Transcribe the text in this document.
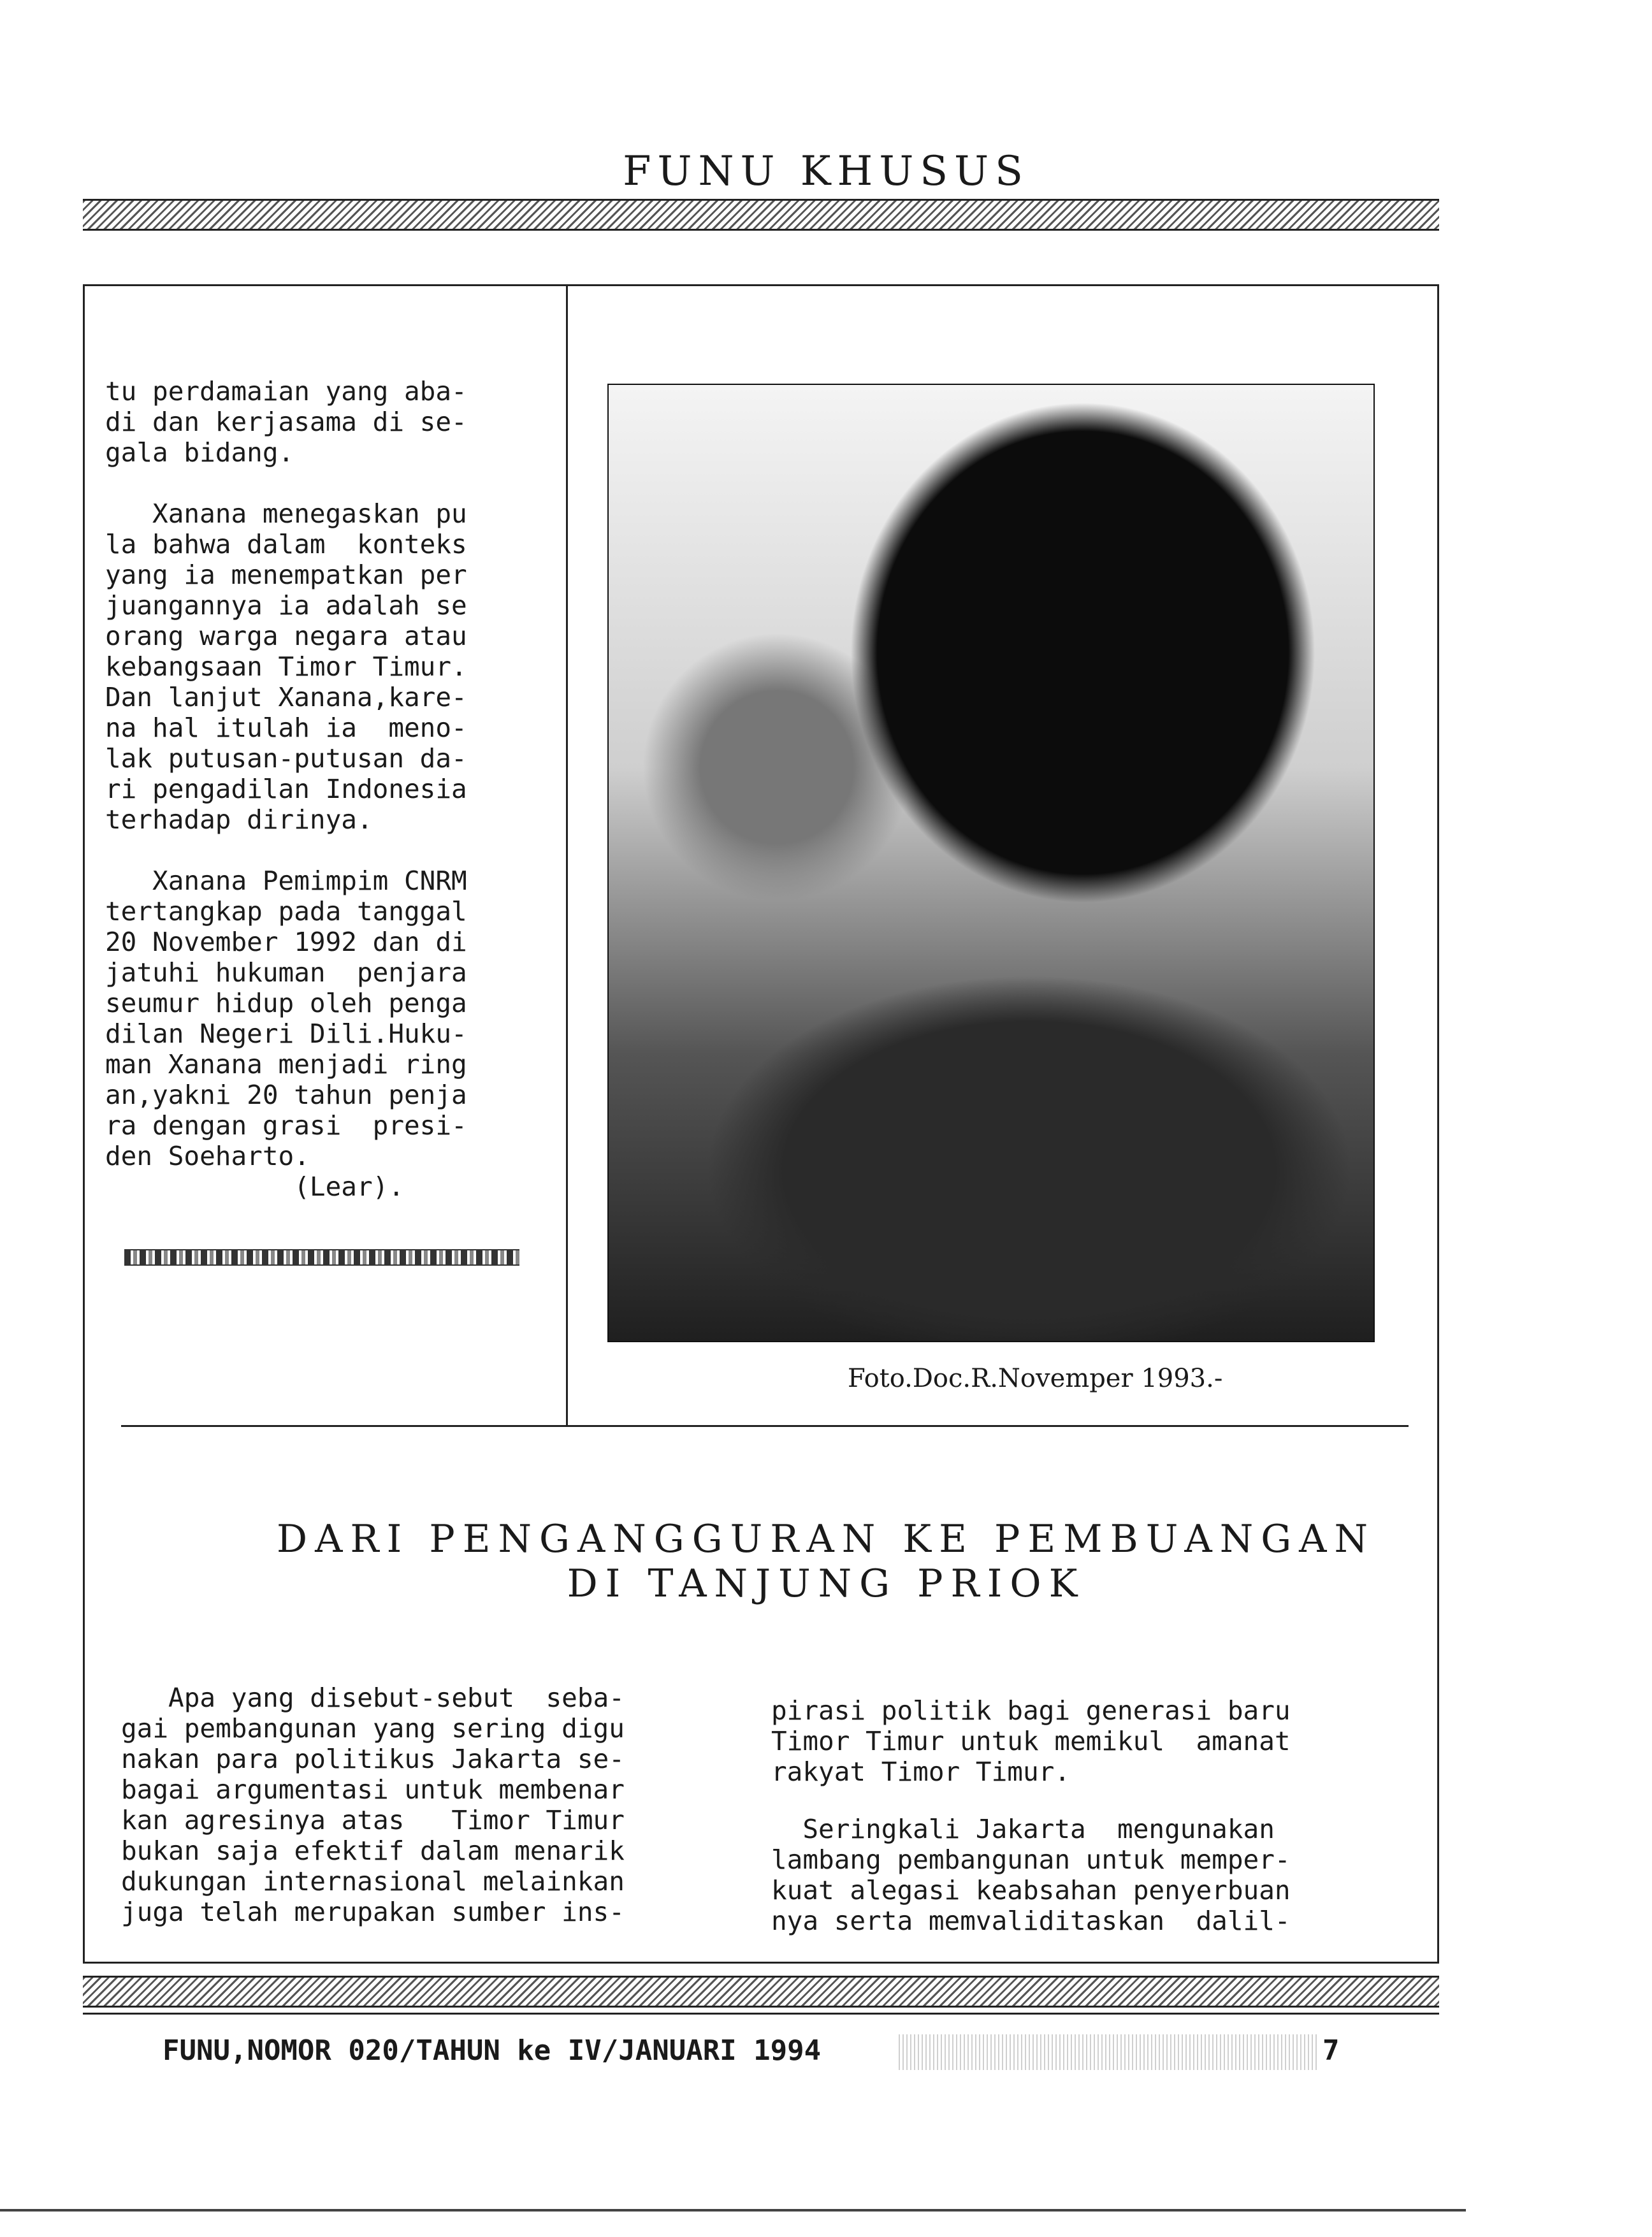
FUNU KHUSUS

tu perdamaian yang aba-
di dan kerjasama di se-
gala bidang.

Xanana menegaskan pu
la bahwa dalam  konteks
yang ia menempatkan per
juangannya ia adalah se
orang warga negara atau
kebangsaan Timor Timur.
Dan lanjut Xanana,kare-
na hal itulah ia  meno-
lak putusan-putusan da-
ri pengadilan Indonesia
terhadap dirinya.

Xanana Pemimpim CNRM
tertangkap pada tanggal
20 November 1992 dan di
jatuhi hukuman  penjara
seumur hidup oleh penga
dilan Negeri Dili.Huku-
man Xanana menjadi ring
an,yakni 20 tahun penja
ra dengan grasi  presi-
den Soeharto.
(Lear).

Foto.Doc.R.Novemper 1993.-
DARI PENGANGGURAN KE PEMBUANGAN
DI TANJUNG PRIOK

Apa yang disebut-sebut  seba-
gai pembangunan yang sering digu
nakan para politikus Jakarta se-
bagai argumentasi untuk membenar
kan agresinya atas   Timor Timur
bukan saja efektif dalam menarik
dukungan internasional melainkan
juga telah merupakan sumber ins-

pirasi politik bagi generasi baru
Timor Timur untuk memikul  amanat
rakyat Timor Timur.

Seringkali Jakarta  mengunakan
lambang pembangunan untuk memper-
kuat alegasi keabsahan penyerbuan
nya serta memvaliditaskan  dalil-

FUNU,NOMOR 020/TAHUN ke IV/JANUARI 1994	7
